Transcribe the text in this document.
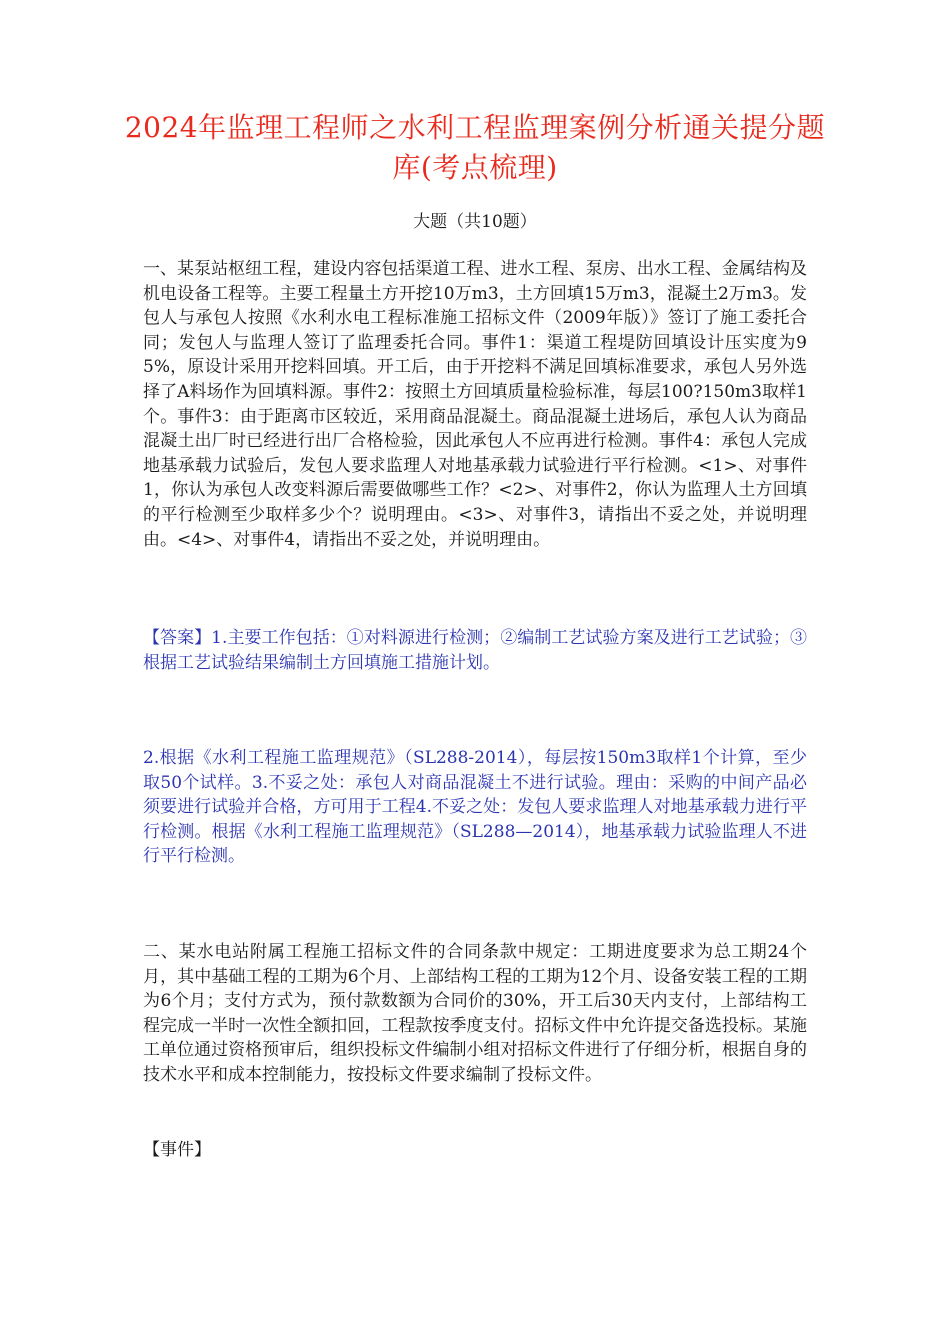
2024年监理工程师之水利工程监理案例分析通关提分题库(考点梳理)
大题（共10题）
一、某泵站枢纽工程，建设内容包括渠道工程、进水工程、泵房、出水工程、金属结构及机电设备工程等。主要工程量土方开挖10万m3，土方回填15万m3，混凝土2万m3。发包人与承包人按照《水利水电工程标准施工招标文件（2009年版）》签订了施工委托合同；发包人与监理人签订了监理委托合同。事件1：渠道工程堤防回填设计压实度为95%，原设计采用开挖料回填。开工后，由于开挖料不满足回填标准要求，承包人另外选择了A料场作为回填料源。事件2：按照土方回填质量检验标准，每层100?150m3取样1个。事件3：由于距离市区较近，采用商品混凝土。商品混凝土进场后，承包人认为商品混凝土出厂时已经进行出厂合格检验，因此承包人不应再进行检测。事件4：承包人完成地基承载力试验后，发包人要求监理人对地基承载力试验进行平行检测。<1>、对事件1，你认为承包人改变料源后需要做哪些工作？<2>、对事件2，你认为监理人土方回填的平行检测至少取样多少个？说明理由。<3>、对事件3，请指出不妥之处，并说明理由。<4>、对事件4，请指出不妥之处，并说明理由。
【答案】1.主要工作包括：①对料源进行检测；②编制工艺试验方案及进行工艺试验；③根据工艺试验结果编制土方回填施工措施计划。
2.根据《水利工程施工监理规范》（SL288-2014），每层按150m3取样1个计算，至少取50个试样。3.不妥之处：承包人对商品混凝土不进行试验。理由：采购的中间产品必须要进行试验并合格，方可用于工程4.不妥之处：发包人要求监理人对地基承载力进行平行检测。根据《水利工程施工监理规范》（SL288—2014），地基承载力试验监理人不进行平行检测。
二、某水电站附属工程施工招标文件的合同条款中规定：工期进度要求为总工期24个月，其中基础工程的工期为6个月、上部结构工程的工期为12个月、设备安装工程的工期为6个月；支付方式为，预付款数额为合同价的30%，开工后30天内支付，上部结构工程完成一半时一次性全额扣回，工程款按季度支付。招标文件中允许提交备选投标。某施工单位通过资格预审后，组织投标文件编制小组对招标文件进行了仔细分析，根据自身的技术水平和成本控制能力，按投标文件要求编制了投标文件。
【事件】
